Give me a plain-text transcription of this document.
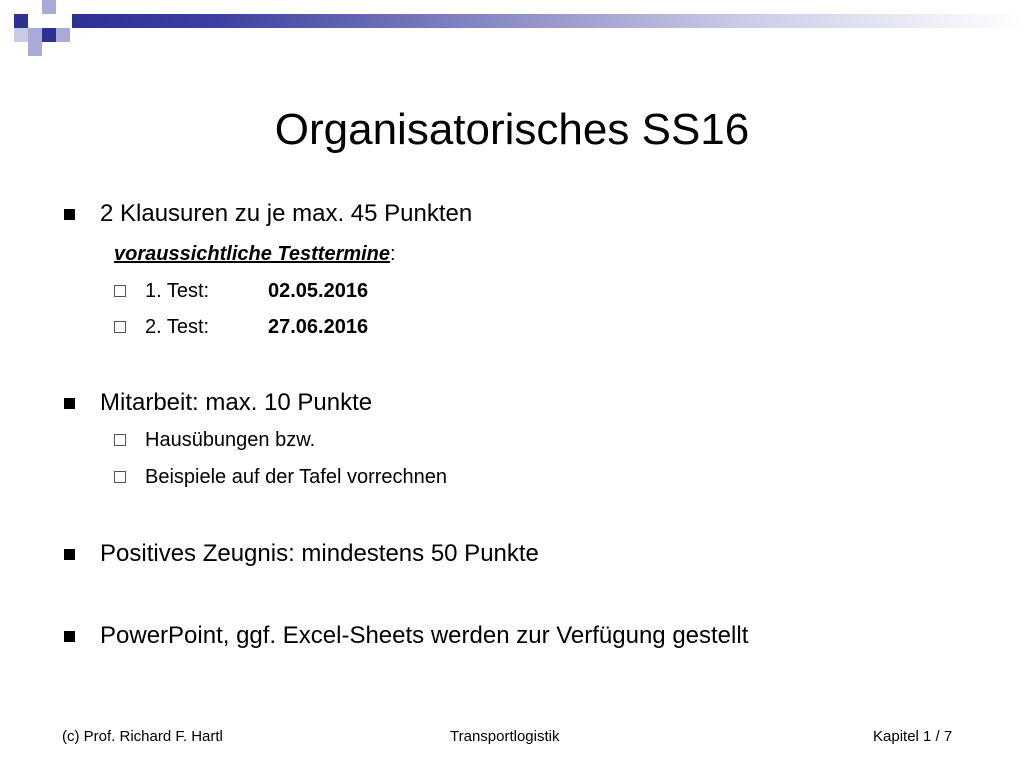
Organisatorisches SS16
2 Klausuren zu je max. 45 Punkten
voraussichtliche Testtermine:
1. Test:	02.05.2016
2. Test:	27.06.2016
Mitarbeit: max. 10 Punkte
Hausübungen bzw.
Beispiele auf der Tafel vorrechnen
Positives Zeugnis: mindestens 50 Punkte
PowerPoint, ggf. Excel-Sheets werden zur Verfügung gestellt
(c) Prof. Richard F. Hartl	Transportlogistik	Kapitel 1 / 7
